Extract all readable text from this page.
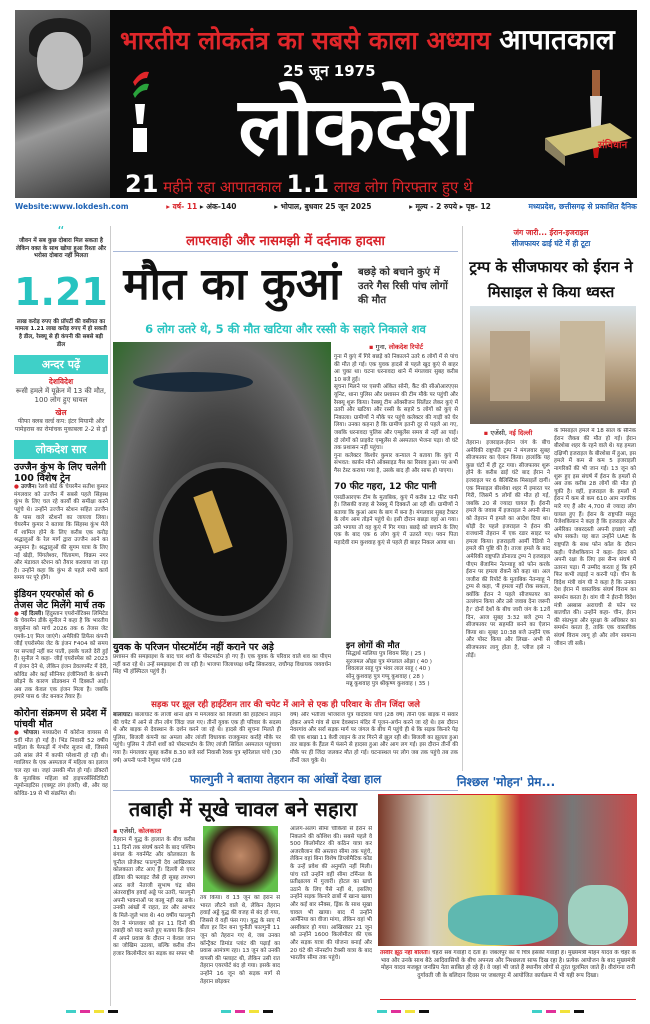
भारतीय लोकतंत्र का सबसे काला अध्याय आपातकाल
25 जून 1975
लोकदेश	संविधान
21 महीने रहा आपातकाल 1.1 लाख लोग गिरफ्तार हुए थे
Website:www.lokdesh.com	▸ वर्ष- 11 ▸ अंक-140	▸ भोपाल, बुधवार 25 जून 2025	▸ मूल्य - 2 रुपये ▸ पृष्ठ- 12	मध्यप्रदेश, छत्तीसगढ़ से प्रकाशित दैनिक
“

जीवन में सब कुछ दोबारा मिल सकता है लेकिन वक्त के साथ खोया हुआ रिश्ता और भरोसा दोबारा नहीं मिलता

1.21

लाख करोड़ रुपए की प्रॉपर्टी की वसीयत का मामला 1.21 लाख करोड़ रुपए में हो सकती है डील, रेस्क्यू से ही कंपनी की सबसे बड़ी डील

अन्दर पढ़ें
देशविदेश
रूसी हमले में यूक्रेन में 13 की मौत, 100 लोग हुए घायल
खेल
फीफा क्लब वर्ल्ड कप: इंटर मियामी और पामेइरास का रोमांचक मुकाबला 2-2 से ड्रॉ
लोकदेश सार
उज्जैन कुंभ के लिए चलेगी 100 विशेष ट्रेन

● उज्जैन। रेलवे बोर्ड के चेयरमैन सतीश कुमार मंगलवार को उज्जैन में सबसे पहले सिंहस्थ कुंभ के लिए चल रहे कार्यों की समीक्षा करने पहुंचे थे। उन्होंने उज्जैन स्टेशन सहित उज्जैन के पास वाले स्टेशनों का जायजा लिया। चेयरमैन कुमार ने बताया कि सिंहस्थ कुंभ मेले में शामिल होने के लिए करीब एक करोड़ श्रद्धालुओं के रेल मार्ग द्वारा उज्जैन आने का अनुमान है। श्रद्धालुओं की सुगम यात्रा के लिए नई खेड़ी, पिंगलेश्वर, चिंतामण, विक्रम नगर और मंडावल स्टेशन को तैयार करवाया जा रहा है। उन्होंने कहा कि कुंभ से पहले सभी कार्य समय पर पूरे होंगे।

इंडियन एयरफोर्स को 6 तेजस जेट मिलेंगे मार्च तक

● नई दिल्ली। हिंदुस्तान एयरोनॉटिक्स लिमिटेड के चेयरमैन डीके सुनील ने कहा है कि भारतीय वायुसेना को मार्च 2026 तक 6 तेजस जेट एमके-1ए मिल जाएंगे। अमेरिकी डिफेंस कंपनी जीई एयरोस्पेस जेट के इंजन F404 को समय पर सप्लाई नहीं कर पाती, इसके चलते देरी हुई है। सुनील ने कहा- जीई एयरोस्पेस को 2023 में इंजन देने थे, लेकिन इंजन डेवलपमेंट में देरी, कोविड और कई सीनियर इंजीनियरों के कंपनी छोड़ने के कारण प्रोडक्शन में दिक्कतें आईं। अब तक केवल एक इंजन मिला है। जबकि हमारे पास 6 जेट बनकर तैयार हैं।

कोरोना संक्रमण से प्रदेश में पांचवी मौत

● भोपाल। मध्यप्रदेश में कोरोना वायरस से 5वीं मौत हो गई है। भिंड निवासी 52 वर्षीय महिला के फेफड़ों में गंभीर सूजन थी, जिससे उसे सांस लेने में काफी परेशानी हो रही थी। ग्वालियर के एक अस्पताल में महिला का इलाज चल रहा था। जहां उसकी मौत हो गई। डॉक्टरों के मुताबिक महिला को हाइपरसेंसिटिविटी न्यूमोनाइटिस (एक्यूट लंग इंजरी) थी, और वह कोविड-19 से भी संक्रमित थी।

लापरवाही और नासमझी में दर्दनाक हादसा
मौत का कुआं	बछड़े को बचाने कुएं में उतरे गैस रिसी पांच लोगों की मौत
6 लोग उतरे थे, 5 की मौत खटिया और रस्सी के सहारे निकाले शव
▪ गुना, लोकदेश रिपोर्ट

गुना में कुएं में गिरे बछड़े को निकालने उतरे 6 लोगों में से पांच की मौत हो गई। एक युवक हादसे से पहले खुद कुएं से बाहर आ चुका था। घटना धरनावदा थाने में मंगलवार सुबह करीब 10 बजे हुई।

सूचना मिलने पर एसपी अंकित सोनी, कैंट की सीओआरएएस यूनिट, थाना पुलिस और प्रशासन की टीम मौके पर पहुंची और रेस्क्यू शुरू किया। रेस्क्यू टीम ऑक्सीजन सिलेंडर लेकर कुएं में उतरी और खटिया और रस्सी के सहारे 5 लोगों को कुएं से निकाला। ग्रामीणों ने मौके पर पहुंचे कलेक्टर की गाड़ी को घेर लिया। उनका कहना है कि ग्रामीण इतनी दूर से पहले आ गए, जबकि धरनावदा पुलिस और एम्बुलेंस समय से नहीं आ पाई। दो लोगों को प्राइवेट एम्बुलेंस से अस्पताल भेजना पड़ा। वो घंटे तक प्रशासन नहीं पहुंचा।

गुना कलेक्टर किशोर कुमार कन्याल ने बताया कि कुएं में संभवत: कार्बन मोनो ऑक्साइड गैस का रिसाव हुआ। पर अभी गैस टेस्ट कराया गया है, उसके बाद ही और साफ हो पाएगा।

70 फीट गहरा, 12 फीट पानी

एसडीआरएफ टीम के मुताबिक, कुएं में करीब 12 फीट पानी है। जिसकी वजह से रेस्क्यू में दिक्कतें आ रही थीं। ग्रामीणों ने बताया कि कुआं आम के बाग में बना है। मंगलवार सुबह टैक्टर के लोग आम तोड़ने पहुंचे थे। इसी दौरान बछड़ा वहां आ गया। उसे भगाया तो वह कुएं में गिर गया। बछड़े को बचाने के लिए एक के बाद एक 6 लोग कुएं में उतरते गए। पवन पिता महादेवी राम कुशवाह कुएं से पहले ही बाहर निकल आया था।

युवक के परिजन पोस्टमॉर्टम नहीं कराने पर अड़े

प्रशासन की समझाइश के बाद चार शवों के पोस्टमार्टम हो गए हैं। एक युवक के परिवार वाले शव का पीएम नहीं करा रहे थे। उन्हें समझाइश दी जा रही है। भाजपा जिलाध्यक्ष धर्मेंद्र सिकरवार, राघौगढ़ विधायक जयवर्धन सिंह भी हॉस्पिटल पहुंचे हैं।

इन लोगों की मौत

सिद्धार्थ मालिया पुत्र शिवम सिंह ( 25 )

सुरजमल ओझा पुत्र मंगलाल ओझा ( 40 )

शिवलाल साहू पुत्र भंवर लाल साहू ( 40 )

सोनू कुशवाह पुत्र गप्पू कुशवाह ( 28 )

मन्नू कुशवाह पुत्र श्रीकृष्ण कुशवाह ( 35 )

सड़क पर झूल रही हाईटेंशन तार की चपेट में आने से एक ही परिवार के तीन जिंदा जले

बालाघाट। बालाघाट के लांजी थाना क्षेत्र में मंगलवार को बिजली की हाईटेंशन लाइन की चपेट में आने से तीन लोग जिंदा जल गए। तीनों युवक एक ही परिवार के सदस्य थे और बाइक से देवस्थान के दर्शन करने जा रहे थे। हादसे की सूचना मिलते ही पुलिस, बिजली कंपनी का अमला और लांजी विधायक राजकुमार कर्राहे मौके पर पहुंचे। पुलिस ने तीनों शवों को पोस्टमार्टम के लिए लांजी सिविल अस्पताल पहुंचाया गया है। मंगलवार सुबह करीब 8.30 बजे सर्रा निवासी रेवक पुत्र म्होरेलाल पांचे (30 वर्ष) अपनी पत्नी रेणुका पांचे (28

वर्ष) और भतीजा भोजराज पुत्र यादोराव पांचे (28 वर्ष) तीनों एक बाइक में सवार होकर अपने गांव से ग्राम देवस्थान मंदिर में पूजन-अर्चन करने जा रहे थे। इस दौरान नेवरगांव और सर्रा सड़क मार्ग पर जंगल के बीच में पहुंचे ही थे कि सड़क किनारे पेड़ की एक शाखा 11 केवी लाइन के तार गिरने से झूल रही थी। बिजली का झूलता हुआ तार बाइक के हैंडल में फंसने से हादसा हुआ और आग लग गई। इस दौरान तीनों की मौके पर ही जिंदा जलकर मौत हो गई। घटनास्थल पर लोग जब तक पहुंचे तब तक तीनों जल चुके थे।

फाल्गुनी ने बताया तेहरान का आंखों देखा हाल
तबाही में सूखे चावल बने सहारा
▪ एजेंसी, कोलकाता

तेहरान में युद्ध के हालात के बीच करीब 11 दिनों तक संघर्ष करने के बाद पश्चिम बंगाल के गवर्नमेंट और कोलकाता के चुनौल प्रोजेक्ट फाल्गुनी देव आखिरकार कोलकाता लौट आए हैं। दिल्ली से एयर इंडिया की फ्लाइट जैसे ही सुबह लगभग आठ बजे नेताजी सुभाष चंद्र बोस अंतरराष्ट्रीय हवाई अड्डे पर उतरी, फाल्गुनी अपनी भावनाओं पर काबू नहीं रख सके। उनकी आंखों में राहत, डर और आभार के मिले-जुले भाव थे। 40 वर्षीय फाल्गुनी देव ने मंगलवार को इन 11 दिनों की तबाही को याद करते हुए बताया कि ईरान में अपने प्रवास के दौरान न केवल जान का जोखिम उठाया, बल्कि करीब तीन हजार किलोमीटर का सड़क का सफर भी

तय किया। वे 13 जून को ईरान से भारत लौटने वाले थे, लेकिन तेहरान हवाई अड्डे युद्ध की वजह से बंद हो गया, जिससे वे वहीं फंस गए। युद्ध के साए में बीता हर दिन बना चुनौती फाल्गुनी 11 जून को तेहरान गए थे, जब उनका कॉन्ट्रैक्ट डिमांड प्लांट की पढ़ाई का प्रवास आमंत्रण रहा। 13 जून को उनकी वापसी की फ्लाइट थी, लेकिन उसी रात तेहरान एयरपोर्ट बंद हो गया। इसके बाद उन्होंने 16 जून को सड़क मार्ग से तेहरान छोड़कर

आलग-अलग सीमा चौकियों से ईरान से निकलने की कोशिश की। सबसे पहले वे 500 किलोमीटर की कठिन यात्रा कर अजरबैजान की अस्तारा सीमा तक पहुंचे, लेकिन वहां बिना विशेष डिप्लोमैटिक कोड के उन्हें प्रवेश की अनुमति नहीं मिली। पांच रातें उन्होंने वहीं सीमा टर्मिनल के प्रतीक्षालय में गुजारीं। होटल का खर्चा उठाने के लिए पैसे नहीं थे, इसलिए उन्होंने सड़क किनारे ढाबों में खाना खाया और कई बार स्नैक्स, ड्रिंक के साथ सूखा चावल भी खाया। बाद में उन्होंने आर्मेनिया का वीजा मांगा, लेकिन वहां भी अस्वीकार हो गया। आखिरकार 21 जून को उन्होंने 1600 किलोमीटर की एक और सड़क यात्रा की योजना बनाई और 20 घंटे की नॉनस्टॉप टैक्सी यात्रा के बाद भारतीय सीमा तक पहुंचे।

जंग जारी... ईरान-इजराइल
सीजफायर ढाई घंटे में ही टूटा
ट्रम्प के सीजफायर को ईरान ने मिसाइल से किया ध्वस्त
▪ एजेंसी, नई दिल्ली

तेहरान। इजराइल-ईरान जंग के बीच अमेरिकी राष्ट्रपति ट्रम्प ने मंगलवार सुबह सीजफायर का ऐलान किया। हालांकि यह कुछ घंटों में ही टूट गया। सीजफायर शुरू होने के करीब ढाई घंटे बाद ईरान ने इजराइल पर 6 बैलिस्टिक मिसाइलें दागीं। एक मिसाइल बीरशेबा शहर में इमारत पर गिरी, जिसमें 5 लोगों की मौत हो गई, जबकि 20 से ज्यादा घायल हैं। ईरानी हमले के जवाब में इजराइल ने अपनी सेना को तेहरान में हमले का आदेश दिया था। थोड़ी देर पहले इजराइल ने ईरान की राजधानी तेहरान में एक रडार साइट पर हमला किया। इजराइली आर्मी रेडियो ने हमले की पुष्टि की है। ताजा हमले के बाद अमेरिकी राष्ट्रपति डोनाल्ड ट्रम्प ने इजराइल पीएम बेंजामिन नेतन्याहू को फोन करके ईरान पर हमला रोकने को कहा था। अल जजीरा की रिपोर्ट के मुताबिक नेतन्याहू ने ट्रम्प से कहा, 'मैं हमला नहीं रोक सकता, क्योंकि ईरान ने पहले सीजफायर का उल्लंघन किया और उसे जवाब देना जरूरी है।' दोनों देशों के बीच जारी जंग के 12वें दिन, आज सुबह 3:32 बजे ट्रम्प ने सीजफायर पर सहमति बनने का ऐलान किया था। सुबह 10:38 बजे उन्होंने एक और पोस्ट किया और लिखा- अभी से सीजफायर लागू होता है, प्लीज इसे न तोड़ें।

के मिसाइल हमले में 18 साल के सैनिक ईरान जैकब की मौत हो गई। ईरान बीरशेबा शहर के रहने वाले थे। यह हमला दक्षिणी इजराइल के बीरशेबा में हुआ, इस हमले में कम से कम 5 इजराइली नागरिकों की भी जान गई। 13 जून को शुरू हुए इस संघर्ष में ईरान के हमलों से अब तक करीब 28 लोगों की मौत हो चुकी है। वहीं, इजराइल के हमलों में ईरान में कम से कम 610 आम नागरिक मारे गए हैं और 4,700 से ज्यादा लोग घायल हुए हैं। ईरान के राष्ट्रपति मसूद पेजेशकियान ने कहा है कि इजराइल और अमेरिका जबरदस्ती अपनी इच्छाएं नहीं थोप सकते। यह बात उन्होंने UAE के राष्ट्रपति के साथ फोन कॉल के दौरान कही। पेजेशकियान ने कहा- ईरान को अपनी रक्षा के लिए इस सैन्य संघर्ष में उतरना पड़ा। मैं उम्मीद करता हूं कि हमें फिर कभी लड़ाई न करनी पड़े। चीन के विदेश मंत्री वांग यी ने कहा है कि उनका देश ईरान में वास्तविक संघर्ष विराम का समर्थन करता है। वांग यी ने ईरानी विदेश मंत्री अब्बास अराघची से फोन पर बातचीत की। उन्होंने कहा- चीन, ईरान की संप्रभुता और सुरक्षा के अधिकार का समर्थन करता है, ताकि एक वास्तविक संघर्ष विराम लागू हो और लोग सामान्य जीवन जी सकें।

निश्छल 'मोहन' प्रेम...

तस्वीर झूठ नहीं बोलती। चेहरा सब गवाही दे देता है। जबलपुर का ये चित्र इसकी गवाही है। मुख्यमंत्री मोहन यादव के चेहरे के भाव और उनके साथ बैठे आदिवासियों के बीच अपनत्व और निश्छलता साफ दिख रहा है। प्रत्येक आयोजन के बाद मुख्यमंत्री मोहन यादव मजबूत जनप्रिय नेता साबित हो रहे हैं। वे जहां भी जाते हैं स्थानीय लोगों से तुरंत घुलमिल जाते हैं। वीरांगना रानी दुर्गावती जी के बलिदान दिवस पर जबलपुर में आयोजित कार्यक्रम में भी यही रूप दिखा।
